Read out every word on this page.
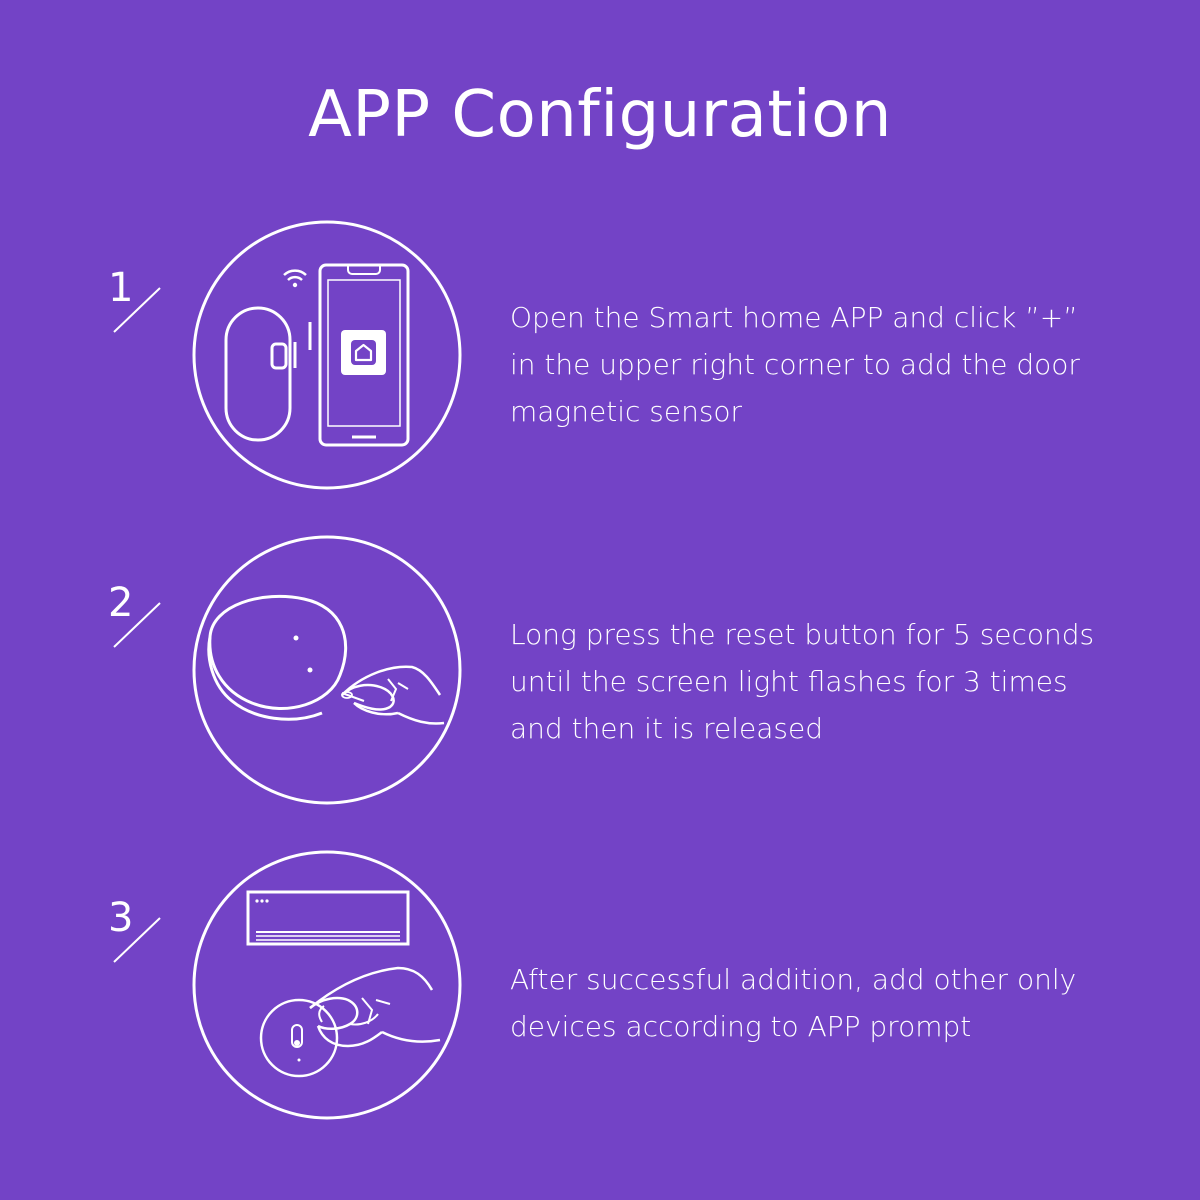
APP Configuration
1
Open the Smart home APP and click ”+”
in the upper right corner to add the door
magnetic sensor
2
Long press the reset button for 5 seconds
until the screen light flashes for 3 times
and then it is released
3
After successful addition, add other only
devices according to APP prompt
